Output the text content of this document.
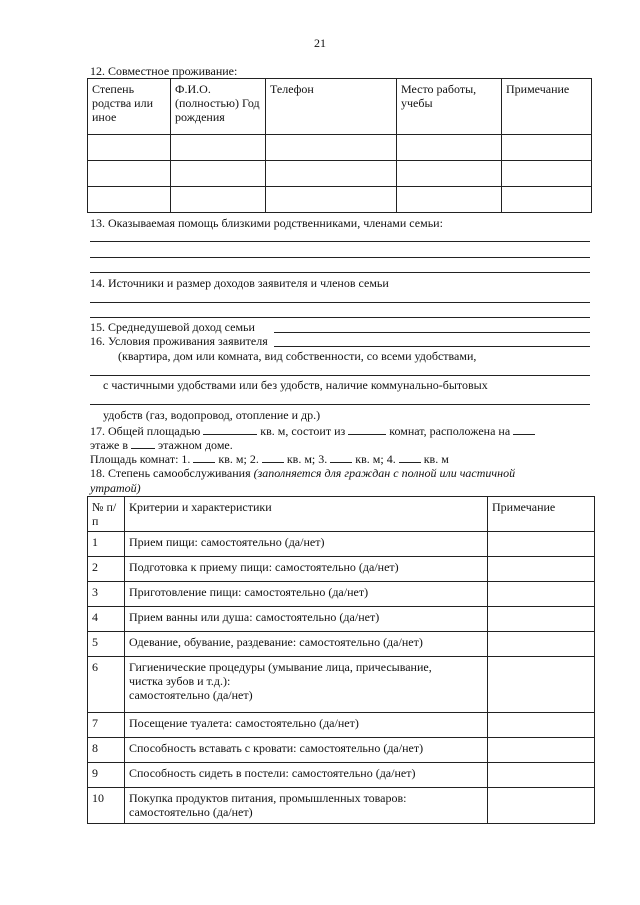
21
12. Совместное проживание:
Степень родства или иное	Ф.И.О. (полностью) Год рождения	Телефон	Место работы, учебы	Примечание

13. Оказываемая помощь близкими родственниками, членами семьи:
14. Источники и размер доходов заявителя и членов семьи
15. Среднедушевой доход семьи
16. Условия проживания заявителя
(квартира, дом или комната, вид собственности, со всеми удобствами,
с частичными удобствами или без удобств, наличие коммунально-бытовых
удобств (газ, водопровод, отопление и др.)
17. Общей площадью	кв. м, состоит из	комнат, расположена на
этаже в	этажном доме.
Площадь комнат: 1. кв. м; 2. кв. м; 3. кв. м; 4. кв. м
18. Степень самообслуживания (заполняется для граждан с полной или частичной
утратой)
№ п/п	Критерии и характеристики	Примечание
1	Прием пищи: самостоятельно (да/нет)	
2	Подготовка к приему пищи: самостоятельно (да/нет)	
3	Приготовление пищи: самостоятельно (да/нет)	
4	Прием ванны или душа: самостоятельно (да/нет)	
5	Одевание, обувание, раздевание: самостоятельно (да/нет)	
6	Гигиенические процедуры (умывание лица, причесывание,
чистка зубов и т.д.):
самостоятельно (да/нет)	

7	Посещение туалета: самостоятельно (да/нет)	
8	Способность вставать с кровати: самостоятельно (да/нет)	
9	Способность сидеть в постели: самостоятельно (да/нет)	
10	Покупка продуктов питания, промышленных товаров:
самостоятельно (да/нет)	
